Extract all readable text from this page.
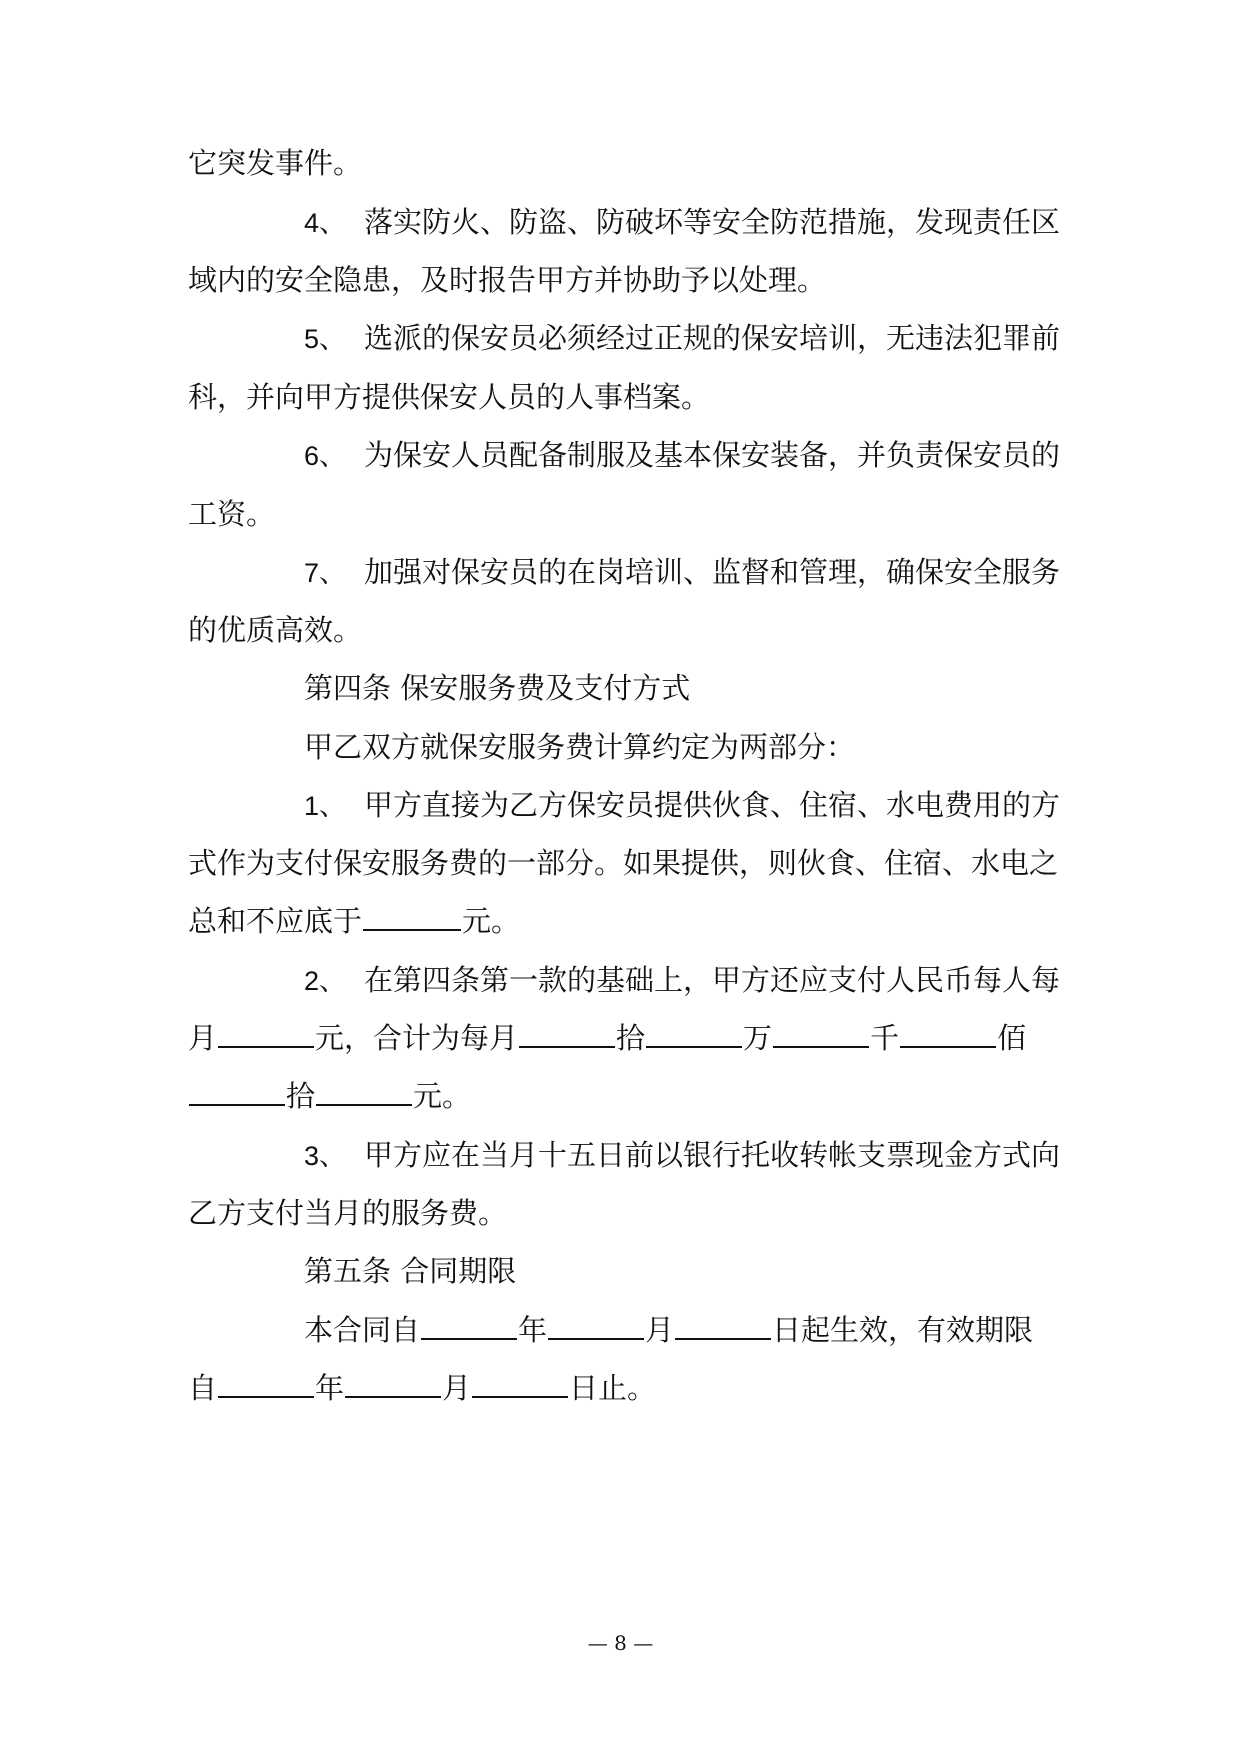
它突发事件。
4、 落实防火、防盗、防破坏等安全防范措施，发现责任区
域内的安全隐患，及时报告甲方并协助予以处理。
5、 选派的保安员必须经过正规的保安培训，无违法犯罪前
科，并向甲方提供保安人员的人事档案。
6、 为保安人员配备制服及基本保安装备，并负责保安员的
工资。
7、 加强对保安员的在岗培训、监督和管理，确保安全服务
的优质高效。
第四条 保安服务费及支付方式
甲乙双方就保安服务费计算约定为两部分：
1、 甲方直接为乙方保安员提供伙食、住宿、水电费用的方
式作为支付保安服务费的一部分。如果提供，则伙食、住宿、水电之
总和不应底于	元。
2、 在第四条第一款的基础上，甲方还应支付人民币每人每
月	元，合计为每月	拾	万	千	佰
拾	元。
3、 甲方应在当月十五日前以银行托收转帐支票现金方式向
乙方支付当月的服务费。
第五条 合同期限
本合同自	年	月	日起生效，有效期限
自	年	月	日止。
— 8 —
